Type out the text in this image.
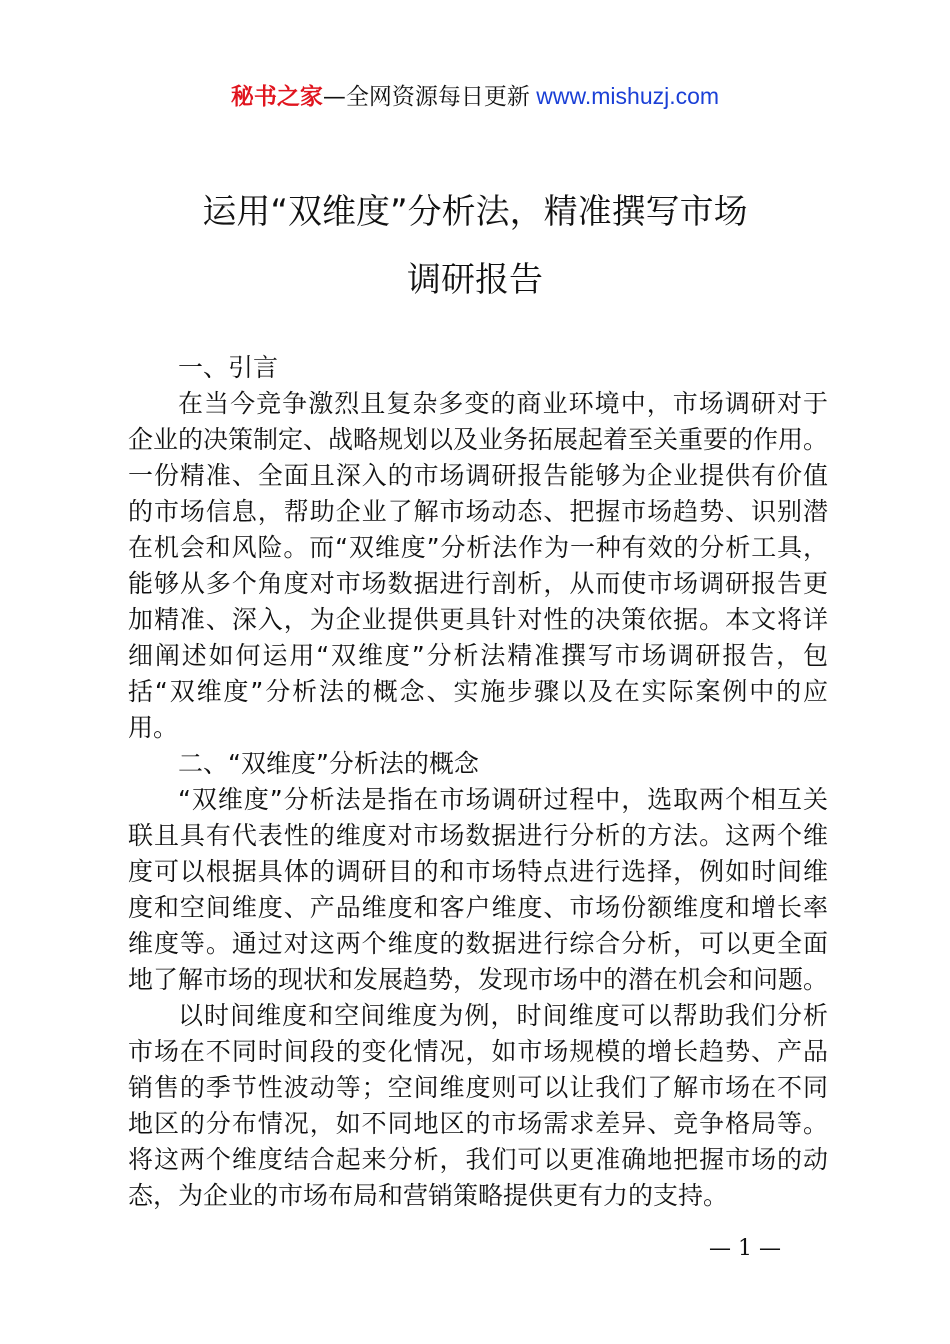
秘书之家—全网资源每日更新 www.mishuzj.com
运用“双维度”分析法，精准撰写市场
调研报告
一、引言
在当今竞争激烈且复杂多变的商业环境中，市场调研对于
企业的决策制定、战略规划以及业务拓展起着至关重要的作用。
一份精准、全面且深入的市场调研报告能够为企业提供有价值
的市场信息，帮助企业了解市场动态、把握市场趋势、识别潜
在机会和风险。而“双维度”分析法作为一种有效的分析工具，
能够从多个角度对市场数据进行剖析，从而使市场调研报告更
加精准、深入，为企业提供更具针对性的决策依据。本文将详
细阐述如何运用“双维度”分析法精准撰写市场调研报告，包
括“双维度”分析法的概念、实施步骤以及在实际案例中的应
用。
二、“双维度”分析法的概念
“双维度”分析法是指在市场调研过程中，选取两个相互关
联且具有代表性的维度对市场数据进行分析的方法。这两个维
度可以根据具体的调研目的和市场特点进行选择，例如时间维
度和空间维度、产品维度和客户维度、市场份额维度和增长率
维度等。通过对这两个维度的数据进行综合分析，可以更全面
地了解市场的现状和发展趋势，发现市场中的潜在机会和问题。
以时间维度和空间维度为例，时间维度可以帮助我们分析
市场在不同时间段的变化情况，如市场规模的增长趋势、产品
销售的季节性波动等；空间维度则可以让我们了解市场在不同
地区的分布情况，如不同地区的市场需求差异、竞争格局等。
将这两个维度结合起来分析，我们可以更准确地把握市场的动
态，为企业的市场布局和营销策略提供更有力的支持。
— 1 —
